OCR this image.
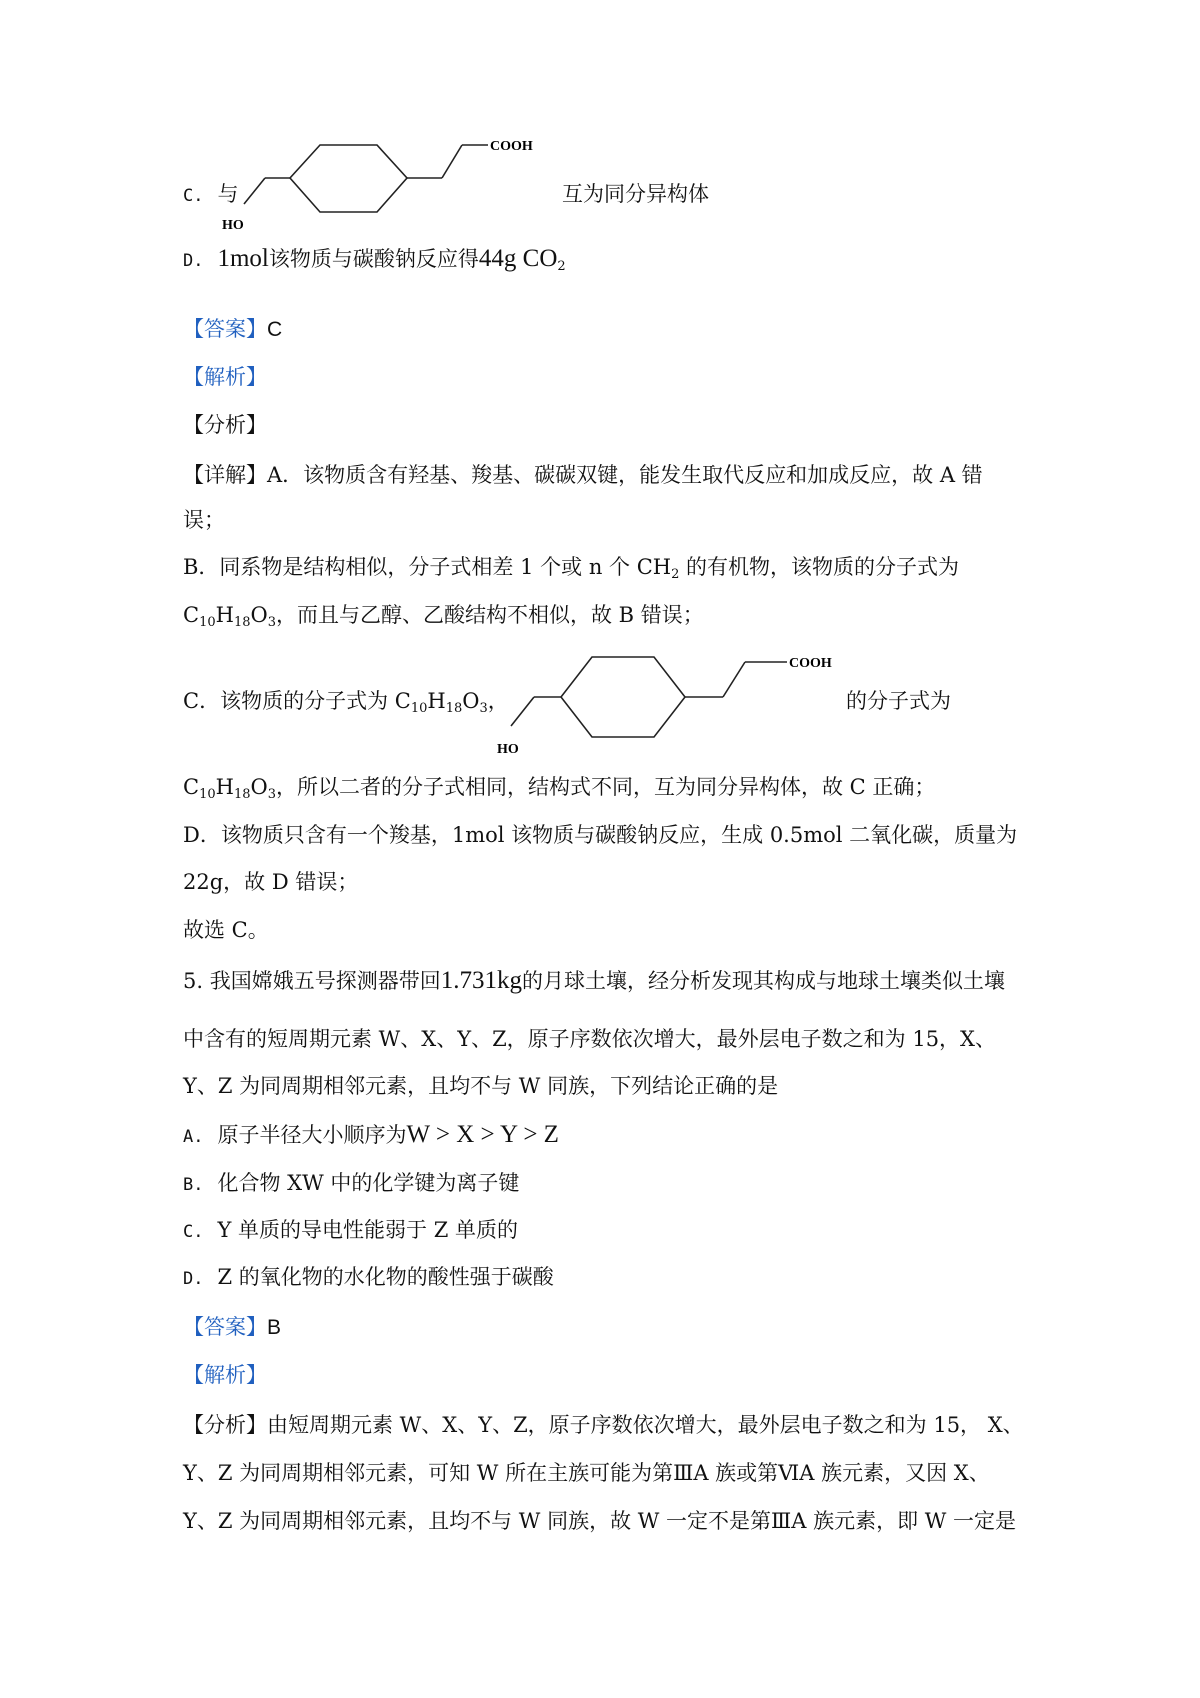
C. 与
COOH
HO
互为同分异构体
D. 1mol该物质与碳酸钠反应得44g $CO_2$
【答案】C
【解析】
【分析】
【详解】A．该物质含有羟基、羧基、碳碳双键，能发生取代反应和加成反应，故 A 错
误；
B．同系物是结构相似，分子式相差 1 个或 n 个 $CH_2$ 的有机物，该物质的分子式为
$C_{10}H_{18}O_3$，而且与乙醇、乙酸结构不相似，故 B 错误；
C．该物质的分子式为 $C_{10}H_{18}O_3$，
COOH
HO
的分子式为
$C_{10}H_{18}O_3$，所以二者的分子式相同，结构式不同，互为同分异构体，故 C 正确；
D．该物质只含有一个羧基，1mol 该物质与碳酸钠反应，生成 0.5mol 二氧化碳，质量为
22g，故 D 错误；
故选 C。
5. 我国嫦娥五号探测器带回1.731kg的月球土壤，经分析发现其构成与地球土壤类似土壤
中含有的短周期元素 W、X、Y、Z，原子序数依次增大，最外层电子数之和为 15，X、
Y、Z 为同周期相邻元素，且均不与 W 同族，下列结论正确的是
A. 原子半径大小顺序为W > X > Y > Z
B. 化合物 XW 中的化学键为离子键
C. Y 单质的导电性能弱于 Z 单质的
D. Z 的氧化物的水化物的酸性强于碳酸
【答案】B
【解析】
【分析】由短周期元素 W、X、Y、Z，原子序数依次增大，最外层电子数之和为 15， X、
Y、Z 为同周期相邻元素，可知 W 所在主族可能为第ⅢA 族或第ⅥA 族元素，又因 X、
Y、Z 为同周期相邻元素，且均不与 W 同族，故 W 一定不是第ⅢA 族元素，即 W 一定是
